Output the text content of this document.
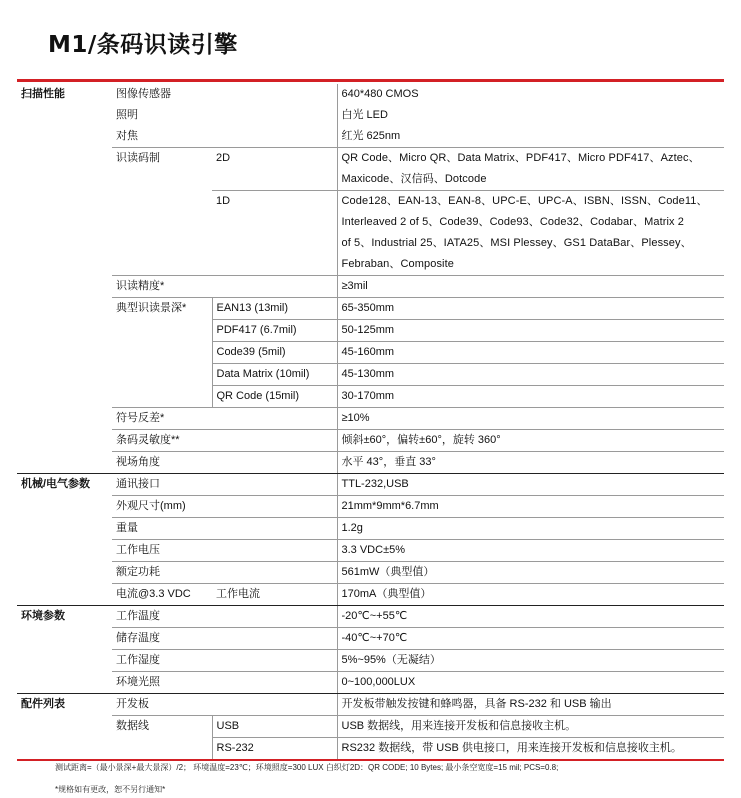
M1/条码识读引擎
扫描性能	图像传感器		640*480 CMOS
	照明		白光 LED
	对焦		红光 625nm
	识读码制	2D	QR Code、Micro QR、Data Matrix、PDF417、Micro PDF417、Aztec、
Maxicode、汉信码、Dotcode

		1D	Code128、EAN-13、EAN-8、UPC-E、UPC-A、ISBN、ISSN、Code11、
Interleaved 2 of 5、Code39、Code93、Code32、Codabar、Matrix 2
of 5、Industrial 25、IATA25、MSI Plessey、GS1 DataBar、Plessey、
Febraban、Composite

	识读精度*		≥3mil
	典型识读景深*	EAN13 (13mil)	65-350mm
		PDF417 (6.7mil)	50-125mm
		Code39 (5mil)	45-160mm
		Data Matrix (10mil)	45-130mm
		QR Code (15mil)	30-170mm
	符号反差*		≥10%
	条码灵敏度**		倾斜±60°，偏转±60°，旋转 360°
	视场角度		水平 43°，垂直 33°
机械/电气参数	通讯接口		TTL-232,USB
	外观尺寸(mm)		21mm*9mm*6.7mm
	重量		1.2g
	工作电压		3.3 VDC±5%
	额定功耗		561mW（典型值）
	电流@3.3 VDC	工作电流	170mA（典型值）
环境参数	工作温度		-20℃~+55℃
	储存温度		-40℃~+70℃
	工作湿度		5%~95%（无凝结）
	环境光照		0~100,000LUX
配件列表	开发板		开发板带触发按键和蜂鸣器，具备 RS-232 和 USB 输出
	数据线	USB	USB 数据线，用来连接开发板和信息接收主机。
		RS-232	RS232 数据线，带 USB 供电接口，用来连接开发板和信息接收主机。
测试距离=（最小景深+最大景深）/2； 环境温度=23℃；环境照度=300 LUX 白织灯2D：QR CODE; 10 Bytes; 最小条空宽度=15 mil; PCS=0.8;
*规格如有更改，恕不另行通知*
